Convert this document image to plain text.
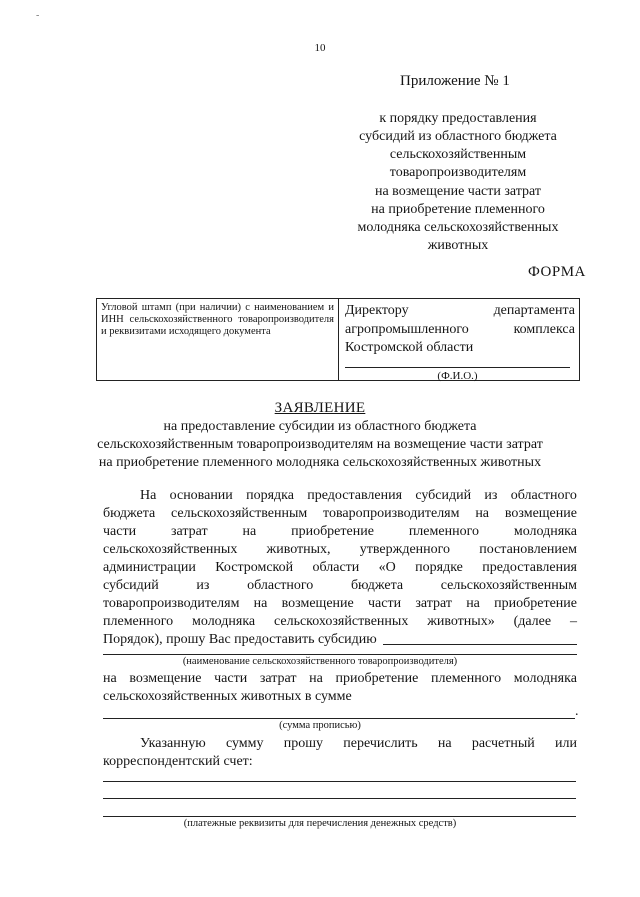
-
10
Приложение № 1
к порядку предоставления
субсидий из областного бюджета
сельскохозяйственным
товаропроизводителям
на возмещение части затрат
на приобретение племенного
молодняка сельскохозяйственных
животных
ФОРМА
Угловой штамп (при наличии) с наименованием и ИНН сельскохозяйственного товаропроизводителя и реквизитами исходящего документа
Директору	департамента
агропромышленного	комплекса
Костромской области
(Ф.И.О.)
ЗАЯВЛЕНИЕ
на предоставление субсидии из областного бюджета
сельскохозяйственным товаропроизводителям на возмещение части затрат
на приобретение племенного молодняка сельскохозяйственных животных
На основании порядка предоставления субсидий из областного
бюджета сельскохозяйственным товаропроизводителям на возмещение
части затрат на приобретение племенного молодняка
сельскохозяйственных животных, утвержденного постановлением
администрации Костромской области «О порядке предоставления
субсидий	из	областного	бюджета	сельскохозяйственным
товаропроизводителям на возмещение части затрат на приобретение
племенного молодняка сельскохозяйственных животных» (далее –
Порядок), прошу Вас предоставить субсидию
(наименование сельскохозяйственного товаропроизводителя)
на возмещение части затрат на приобретение племенного молодняка
сельскохозяйственных животных в сумме
.
(сумма прописью)
Указанную сумму прошу перечислить на расчетный или
корреспондентский счет:
(платежные реквизиты для перечисления денежных средств)
